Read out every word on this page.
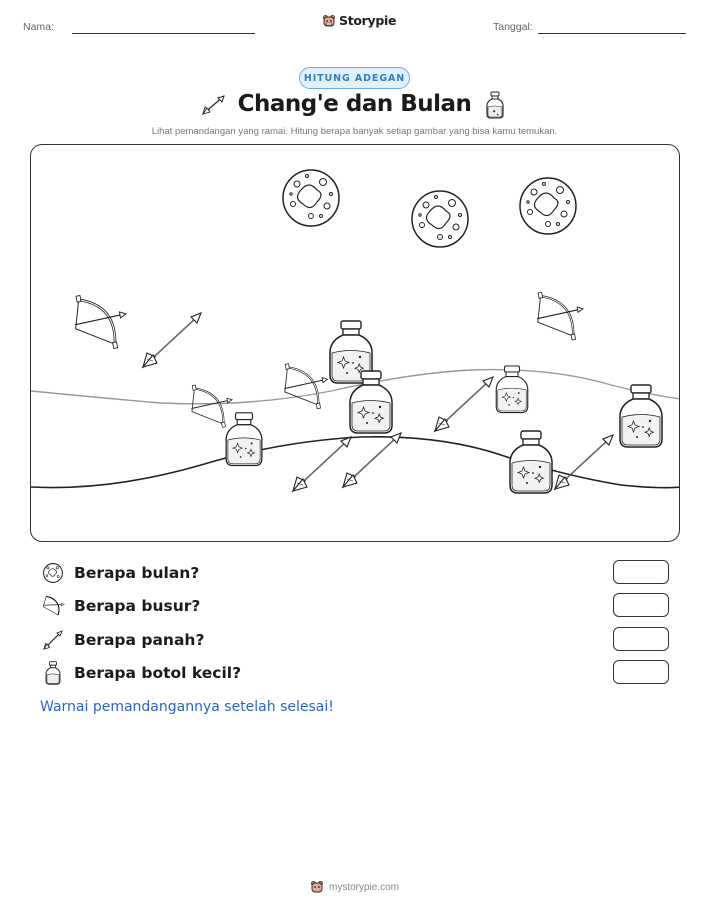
Nama:	Storypie	Tanggal:
HITUNG ADEGAN
Chang'e dan Bulan	✦ ✦
Lihat pemandangan yang ramai. Hitung berapa banyak setiap gambar yang bisa kamu temukan.
Berapa bulan?
Berapa busur?
Berapa panah?
Berapa botol kecil?
Warnai pemandangannya setelah selesai!
mystorypie.com
